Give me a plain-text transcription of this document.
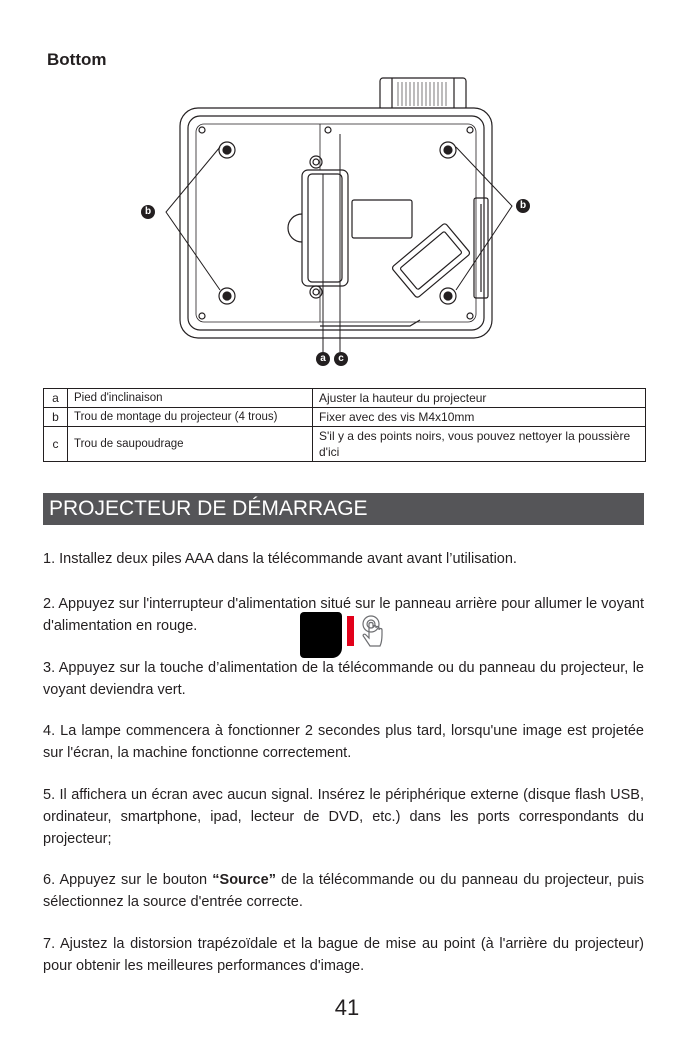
Bottom
b
b
a	c
a	Pied d'inclinaison	Ajuster la hauteur du projecteur
b	Trou de montage du projecteur (4 trous)	Fixer avec des vis M4x10mm
c	Trou de saupoudrage	S'il y a des points noirs, vous pouvez nettoyer la poussière d'ici
PROJECTEUR DE DÉMARRAGE

1. Installez deux piles AAA dans la télécommande avant avant l’utilisation.

2. Appuyez sur l'interrupteur d'alimentation situé sur le panneau arrière pour allumer le voyant d'alimentation en rouge.

3. Appuyez sur la touche d’alimentation de la télécommande ou du panneau du projecteur, le voyant deviendra vert.

4. La lampe commencera à fonctionner 2 secondes plus tard, lorsqu'une image est projetée sur l'écran, la machine fonctionne correctement.

5. Il affichera un écran avec aucun signal. Insérez le périphérique externe (disque flash USB, ordinateur, smartphone, ipad, lecteur de DVD, etc.) dans les ports correspondants du projecteur;

6. Appuyez sur le bouton “Source” de la télécommande ou du panneau du projecteur, puis sélectionnez la source d'entrée correcte.

7. Ajustez la distorsion trapézoïdale et la bague de mise au point (à l'arrière du projecteur) pour obtenir les meilleures performances d'image.

41
